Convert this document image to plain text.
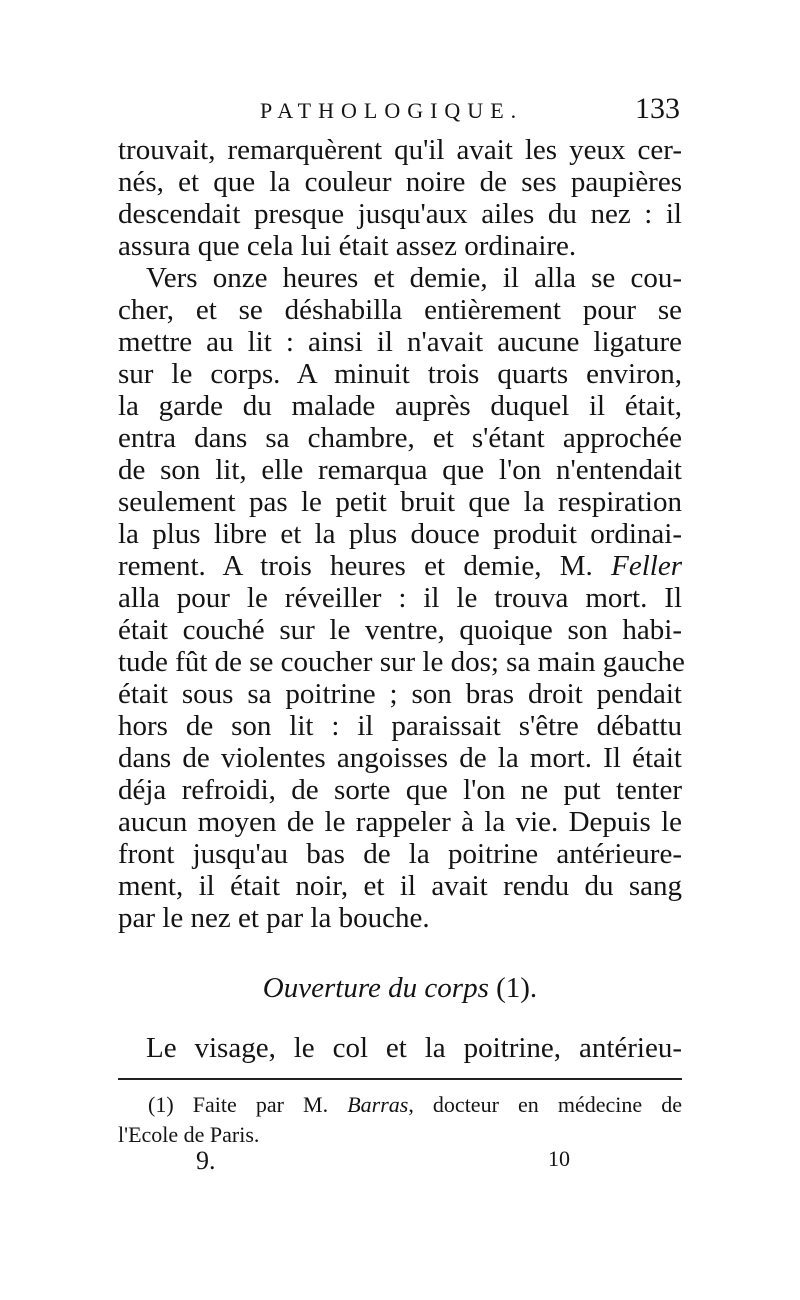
PATHOLOGIQUE.	133
trouvait, remarquèrent qu'il avait les yeux cer-
nés, et que la couleur noire de ses paupières
descendait presque jusqu'aux ailes du nez : il
assura que cela lui était assez ordinaire.
Vers onze heures et demie, il alla se cou-
cher, et se déshabilla entièrement pour se
mettre au lit : ainsi il n'avait aucune ligature
sur le corps. A minuit trois quarts environ,
la garde du malade auprès duquel il était,
entra dans sa chambre, et s'étant approchée
de son lit, elle remarqua que l'on n'entendait
seulement pas le petit bruit que la respiration
la plus libre et la plus douce produit ordinai-
rement. A trois heures et demie, M. Feller
alla pour le réveiller : il le trouva mort. Il
était couché sur le ventre, quoique son habi-
tude fût de se coucher sur le dos; sa main gauche
était sous sa poitrine ; son bras droit pendait
hors de son lit : il paraissait s'être débattu
dans de violentes angoisses de la mort. Il était
déja refroidi, de sorte que l'on ne put tenter
aucun moyen de le rappeler à la vie. Depuis le
front jusqu'au bas de la poitrine antérieure-
ment, il était noir, et il avait rendu du sang
par le nez et par la bouche.
Ouverture du corps (1).
Le visage, le col et la poitrine, antérieu-
(1) Faite par M. Barras, docteur en médecine de
l'Ecole de Paris.
9.	10
